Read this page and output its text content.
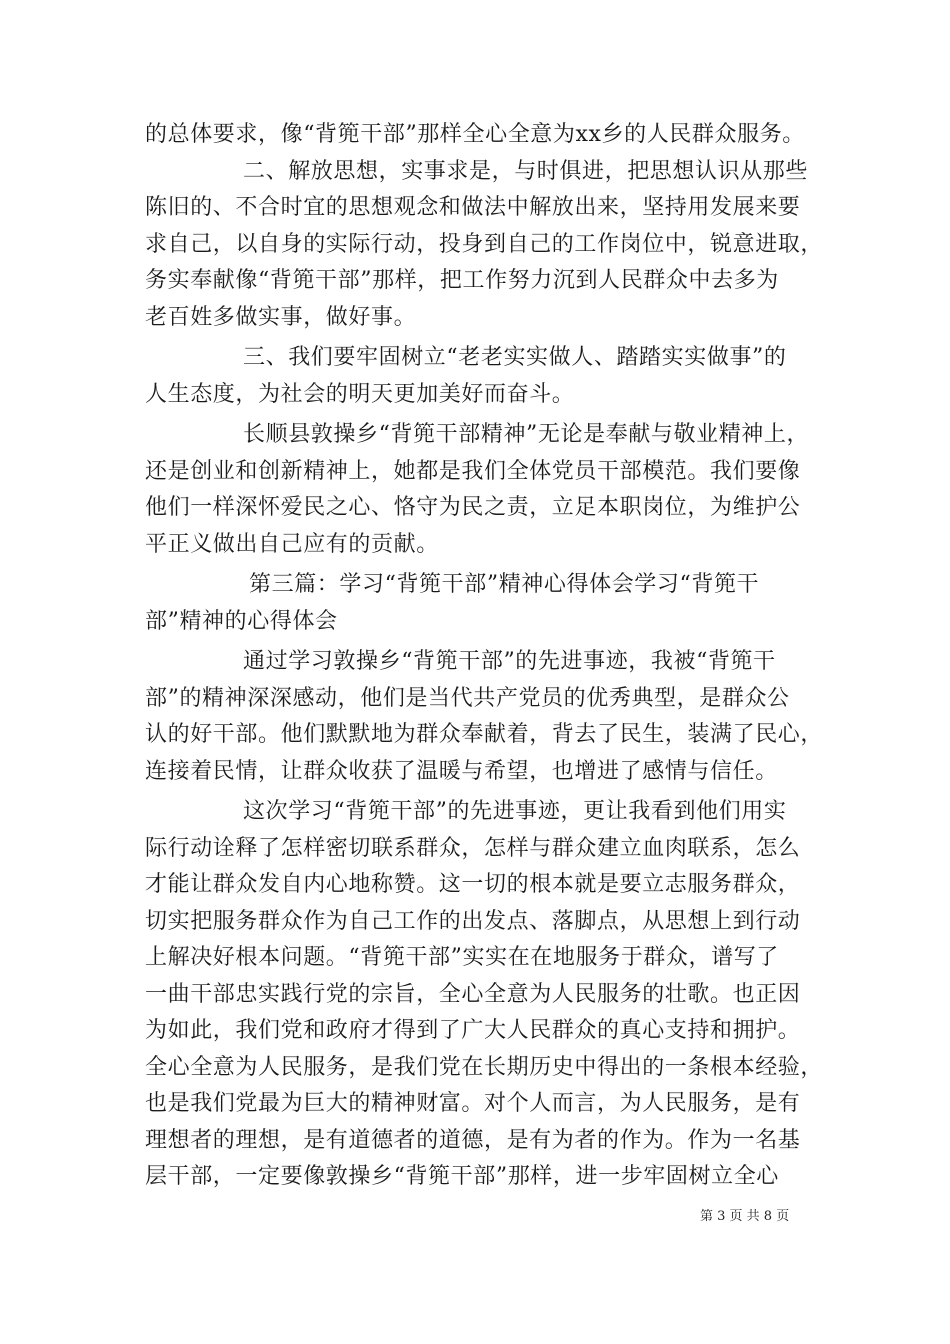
的总体要求，像“背篼干部”那样全心全意为xx乡的人民群众服务。
二、解放思想，实事求是，与时俱进，把思想认识从那些
陈旧的、不合时宜的思想观念和做法中解放出来，坚持用发展来要
求自己，以自身的实际行动，投身到自己的工作岗位中，锐意进取，
务实奉献像“背篼干部”那样，把工作努力沉到人民群众中去多为
老百姓多做实事，做好事。
三、我们要牢固树立“老老实实做人、踏踏实实做事”的
人生态度，为社会的明天更加美好而奋斗。
长顺县敦操乡“背篼干部精神”无论是奉献与敬业精神上，
还是创业和创新精神上，她都是我们全体党员干部模范。我们要像
他们一样深怀爱民之心、恪守为民之责，立足本职岗位，为维护公
平正义做出自己应有的贡献。
第三篇：学习“背篼干部”精神心得体会学习“背篼干
部”精神的心得体会
通过学习敦操乡“背篼干部”的先进事迹，我被“背篼干
部”的精神深深感动，他们是当代共产党员的优秀典型，是群众公
认的好干部。他们默默地为群众奉献着，背去了民生，装满了民心，
连接着民情，让群众收获了温暖与希望，也增进了感情与信任。
这次学习“背篼干部”的先进事迹，更让我看到他们用实
际行动诠释了怎样密切联系群众，怎样与群众建立血肉联系，怎么
才能让群众发自内心地称赞。这一切的根本就是要立志服务群众，
切实把服务群众作为自己工作的出发点、落脚点，从思想上到行动
上解决好根本问题。“背篼干部”实实在在地服务于群众，谱写了
一曲干部忠实践行党的宗旨，全心全意为人民服务的壮歌。也正因
为如此，我们党和政府才得到了广大人民群众的真心支持和拥护。
全心全意为人民服务，是我们党在长期历史中得出的一条根本经验，
也是我们党最为巨大的精神财富。对个人而言，为人民服务，是有
理想者的理想，是有道德者的道德，是有为者的作为。作为一名基
层干部，一定要像敦操乡“背篼干部”那样，进一步牢固树立全心
第 3 页 共 8 页
